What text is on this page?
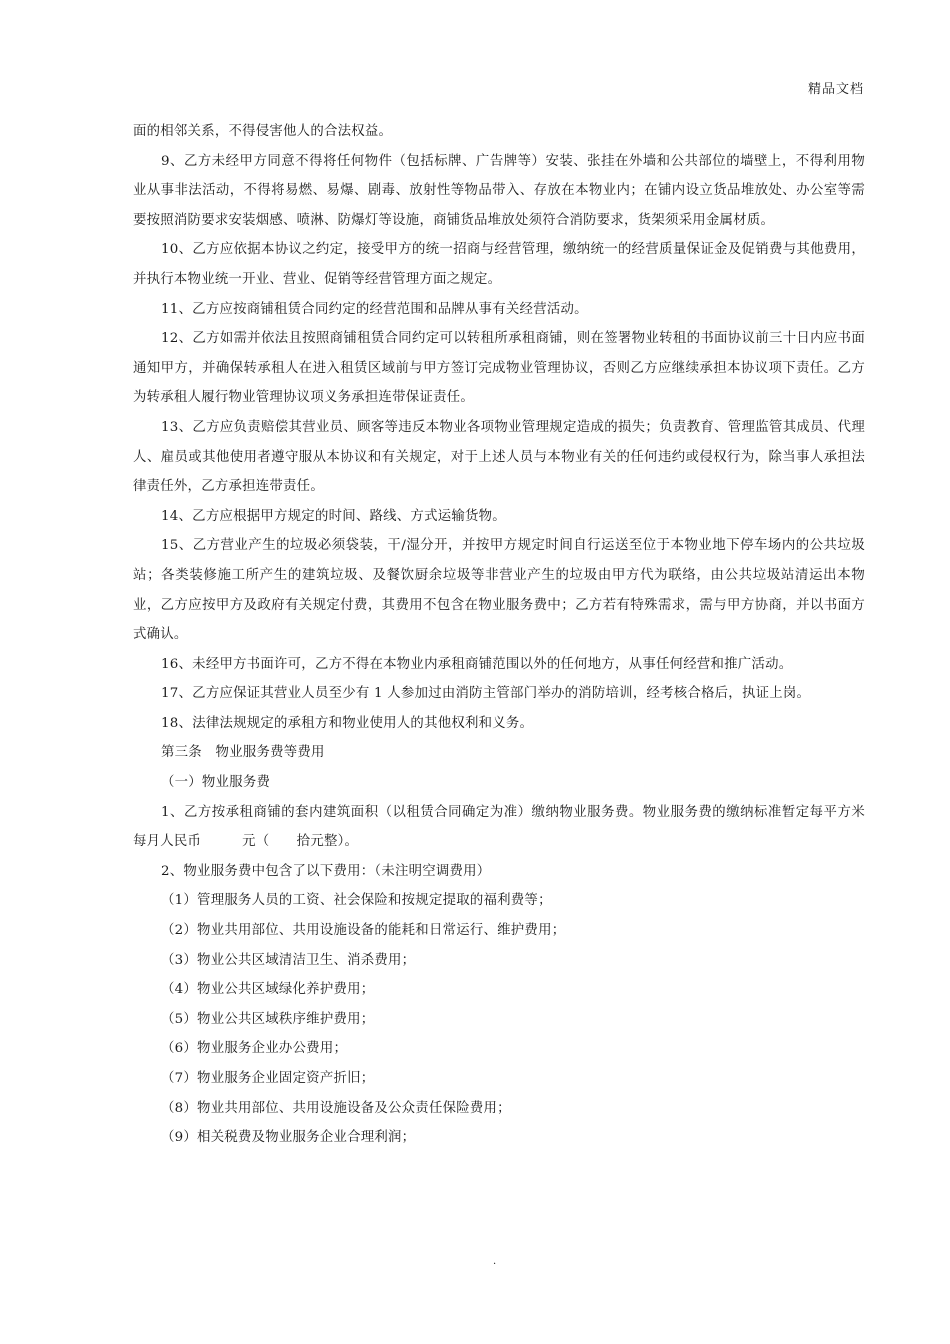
精品文档

面的相邻关系，不得侵害他人的合法权益。

9、乙方未经甲方同意不得将任何物件（包括标牌、广告牌等）安装、张挂在外墙和公共部位的墙壁上，不得利用物业从事非法活动，不得将易燃、易爆、剧毒、放射性等物品带入、存放在本物业内；在铺内设立货品堆放处、办公室等需要按照消防要求安装烟感、喷淋、防爆灯等设施，商铺货品堆放处须符合消防要求，货架须采用金属材质。

10、乙方应依据本协议之约定，接受甲方的统一招商与经营管理，缴纳统一的经营质量保证金及促销费与其他费用，并执行本物业统一开业、营业、促销等经营管理方面之规定。

11、乙方应按商铺租赁合同约定的经营范围和品牌从事有关经营活动。

12、乙方如需并依法且按照商铺租赁合同约定可以转租所承租商铺，则在签署物业转租的书面协议前三十日内应书面通知甲方，并确保转承租人在进入租赁区域前与甲方签订完成物业管理协议，否则乙方应继续承担本协议项下责任。乙方为转承租人履行物业管理协议项义务承担连带保证责任。

13、乙方应负责赔偿其营业员、顾客等违反本物业各项物业管理规定造成的损失；负责教育、管理监管其成员、代理人、雇员或其他使用者遵守服从本协议和有关规定，对于上述人员与本物业有关的任何违约或侵权行为，除当事人承担法律责任外，乙方承担连带责任。

14、乙方应根据甲方规定的时间、路线、方式运输货物。

15、乙方营业产生的垃圾必须袋装，干/湿分开，并按甲方规定时间自行运送至位于本物业地下停车场内的公共垃圾站；各类装修施工所产生的建筑垃圾、及餐饮厨余垃圾等非营业产生的垃圾由甲方代为联络，由公共垃圾站清运出本物业，乙方应按甲方及政府有关规定付费，其费用不包含在物业服务费中；乙方若有特殊需求，需与甲方协商，并以书面方式确认。

16、未经甲方书面许可，乙方不得在本物业内承租商铺范围以外的任何地方，从事任何经营和推广活动。

17、乙方应保证其营业人员至少有 1 人参加过由消防主管部门举办的消防培训，经考核合格后，执证上岗。

18、法律法规规定的承租方和物业使用人的其他权利和义务。

第三条　物业服务费等费用

（一）物业服务费

1、乙方按承租商铺的套内建筑面积（以租赁合同确定为准）缴纳物业服务费。物业服务费的缴纳标准暂定每平方米每月人民币　　　元（　　拾元整）。

2、物业服务费中包含了以下费用：（未注明空调费用）

（1）管理服务人员的工资、社会保险和按规定提取的福利费等；

（2）物业共用部位、共用设施设备的能耗和日常运行、维护费用；

（3）物业公共区域清洁卫生、消杀费用；

（4）物业公共区域绿化养护费用；

（5）物业公共区域秩序维护费用；

（6）物业服务企业办公费用；

（7）物业服务企业固定资产折旧；

（8）物业共用部位、共用设施设备及公众责任保险费用；

（9）相关税费及物业服务企业合理利润；

.
